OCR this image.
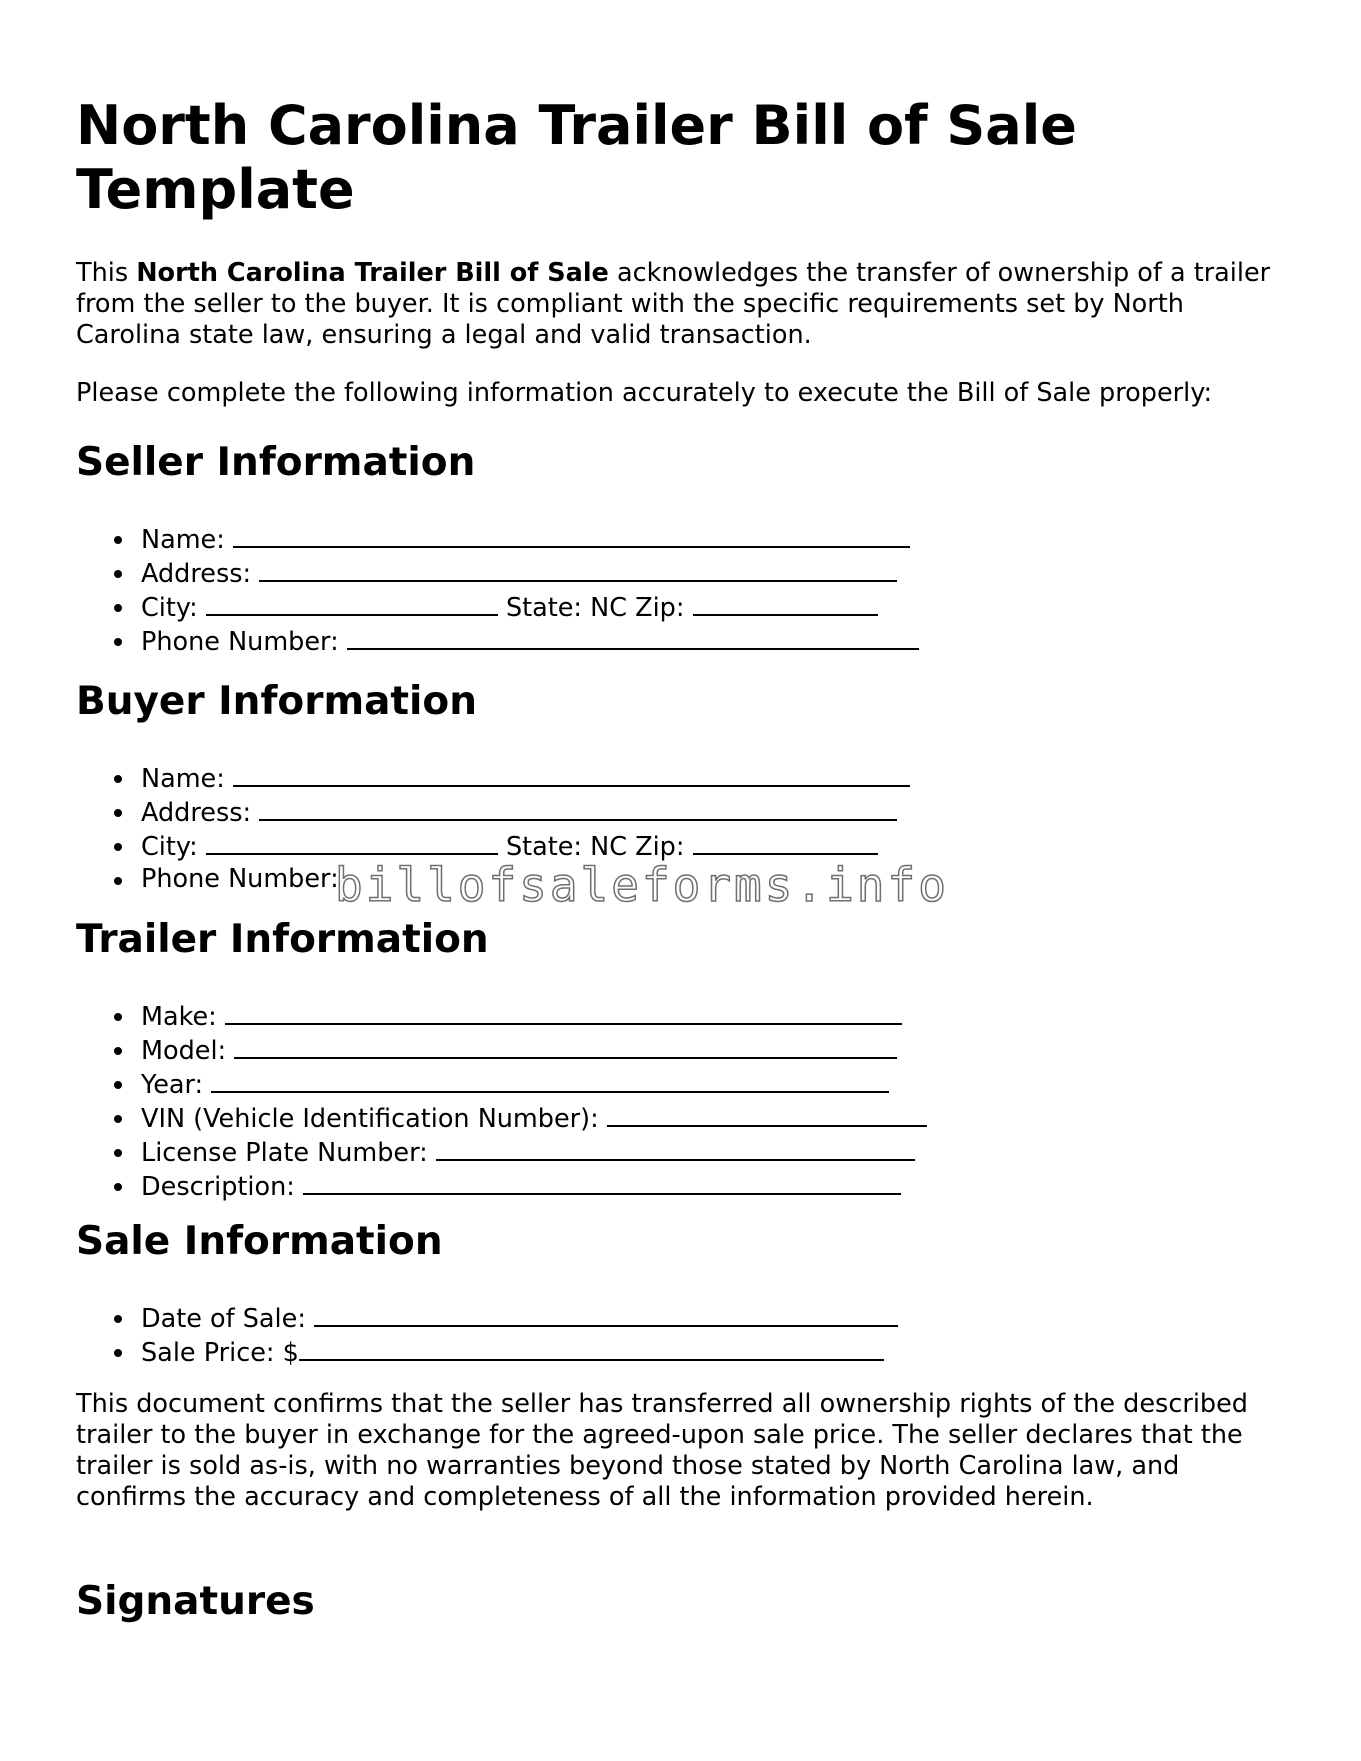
North Carolina Trailer Bill of Sale Template

This North Carolina Trailer Bill of Sale acknowledges the transfer of ownership of a trailer from the seller to the buyer. It is compliant with the specific requirements set by North Carolina state law, ensuring a legal and valid transaction.

Please complete the following information accurately to execute the Bill of Sale properly:

Seller Information
Name:
Address:
City:	State: NC Zip:
Phone Number:
Buyer Information
Name:
Address:
City:	State: NC Zip:
Phone Number:
Trailer Information
Make:
Model:
Year:
VIN (Vehicle Identification Number):
License Plate Number:
Description:
Sale Information
Date of Sale:
Sale Price: $

This document confirms that the seller has transferred all ownership rights of the described trailer to the buyer in exchange for the agreed-upon sale price. The seller declares that the trailer is sold as-is, with no warranties beyond those stated by North Carolina law, and confirms the accuracy and completeness of all the information provided herein.

Signatures
billofsaleforms.info
